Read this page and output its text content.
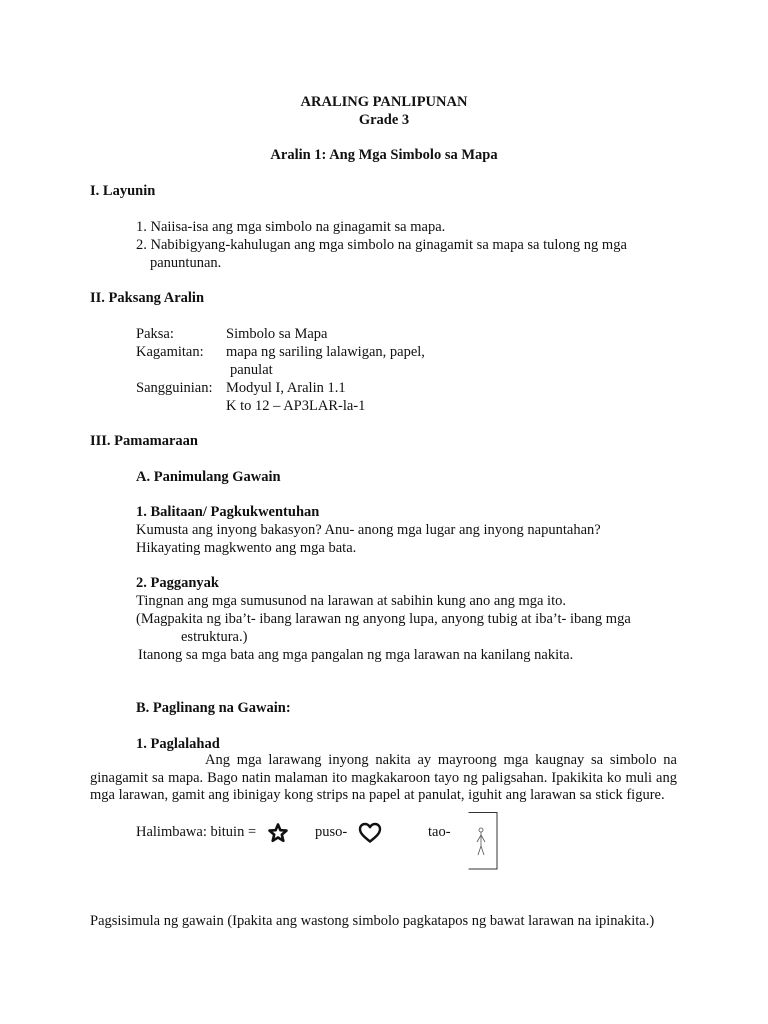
ARALING PANLIPUNAN
Grade 3
Aralin 1: Ang Mga Simbolo sa Mapa
I. Layunin
1. Naiisa-isa ang mga simbolo na ginagamit sa mapa.
2. Nabibigyang-kahulugan ang mga simbolo na ginagamit sa mapa sa tulong ng mga
panuntunan.
II. Paksang Aralin
Paksa:	Simbolo sa Mapa
Kagamitan: mapa ng sariling lalawigan, papel,
panulat
Sangguinian: Modyul I, Aralin 1.1
K to 12 – AP3LAR-la-1
III. Pamamaraan
A. Panimulang Gawain
1. Balitaan/ Pagkukwentuhan
Kumusta ang inyong bakasyon? Anu- anong mga lugar ang inyong napuntahan?
Hikayating magkwento ang mga bata.
2. Pagganyak
Tingnan ang mga sumusunod na larawan at sabihin kung ano ang mga ito.
(Magpakita ng iba’t- ibang larawan ng anyong lupa, anyong tubig at iba’t- ibang mga
estruktura.)
Itanong sa mga bata ang mga pangalan ng mga larawan na kanilang nakita.
B. Paglinang na Gawain:
1. Paglalahad
Ang mga larawang inyong nakita ay mayroong mga kaugnay sa simbolo na ginagamit sa mapa. Bago natin malaman ito magkakaroon tayo ng paligsahan. Ipakikita ko muli ang mga larawan, gamit ang ibinigay kong strips na papel at panulat, iguhit ang larawan sa stick figure.
Halimbawa: bituin =	puso-	tao-
Pagsisimula ng gawain (Ipakita ang wastong simbolo pagkatapos ng bawat larawan na ipinakita.)
